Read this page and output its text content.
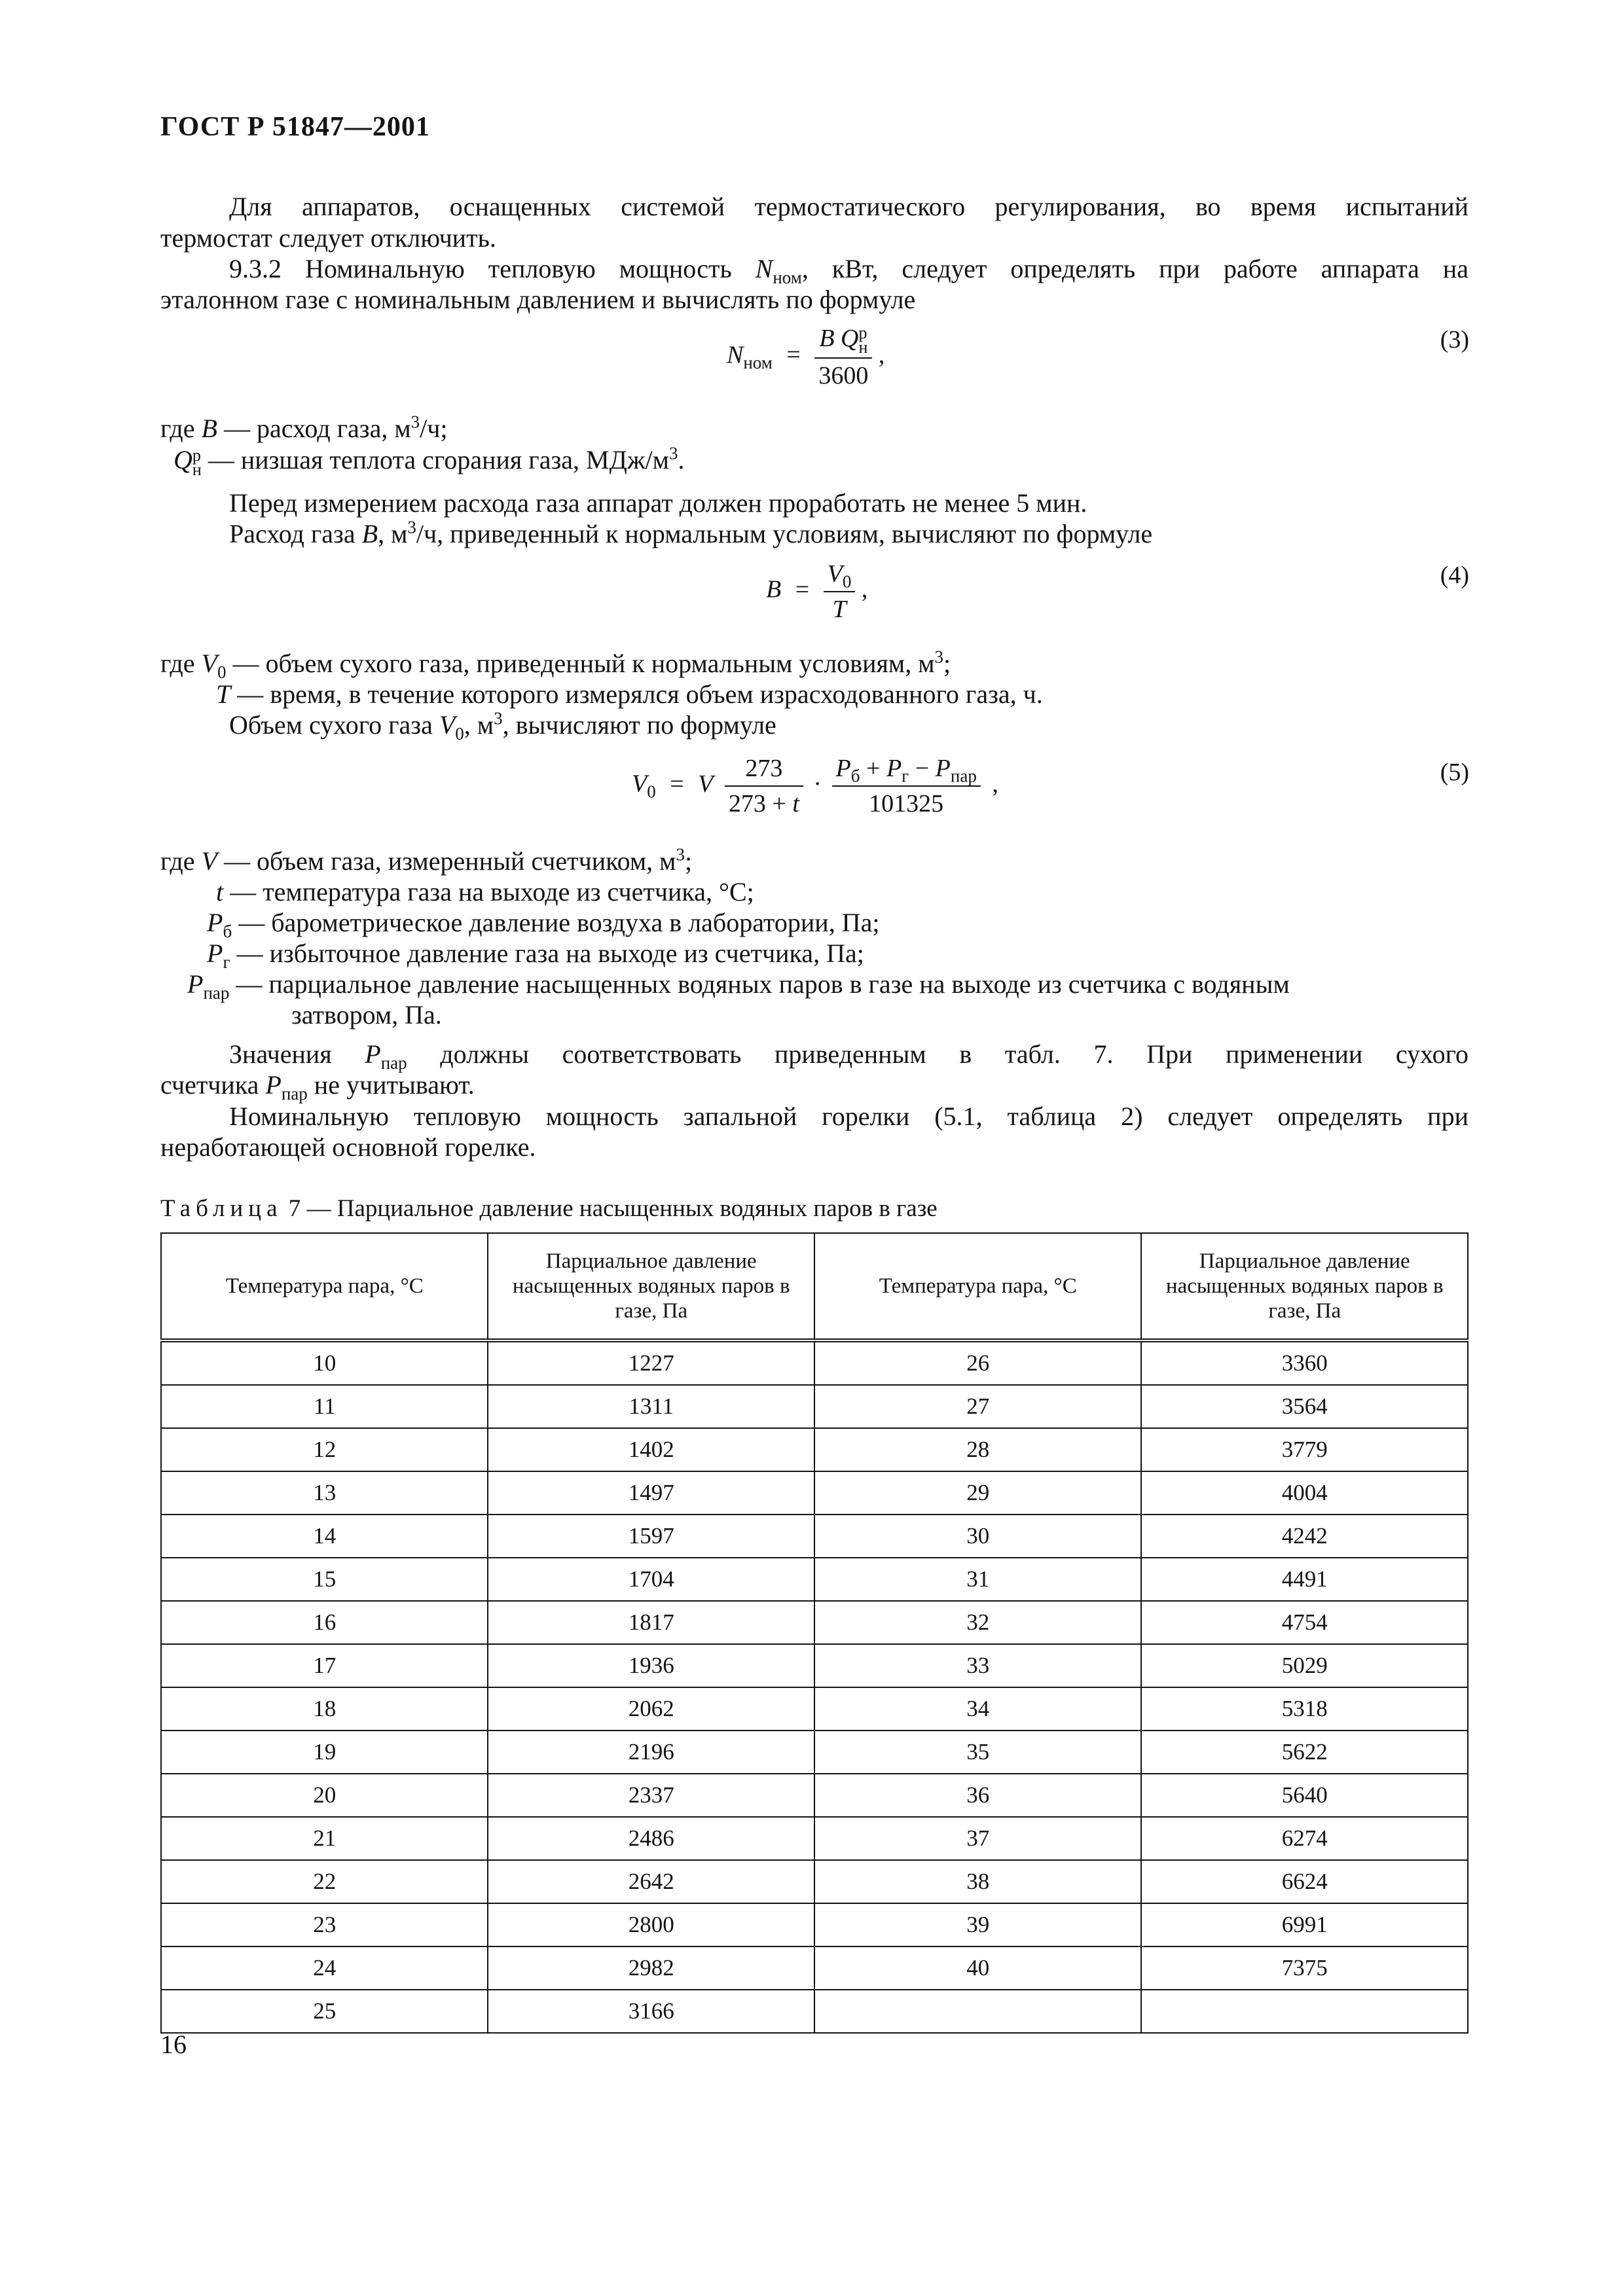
ГОСТ Р 51847—2001
Для аппаратов, оснащенных системой термостатического регулирования, во время испытаний
термостат следует отключить.
9.3.2 Номинальную тепловую мощность $N_{ном}$, кВт, следует определять при работе аппарата на
эталонном газе с номинальным давлением и вычислять по формуле
$N_{ном} = B$ Q р
н
3600 ,
(3)
где B — расход газа, $м^3/ч$;
Q р
н — низшая теплота сгорания газа, МДж/$м^3$.
Перед измерением расхода газа аппарат должен проработать не менее 5 мин.
Расход газа B, $м^3/ч$, приведенный к нормальным условиям, вычисляют по формуле
$B = \frac{V_0}{T}$ ,
(4)
где $V_0$ — объем сухого газа, приведенный к нормальным условиям, $м^3$;
T — время, в течение которого измерялся объем израсходованного газа, ч.
Объем сухого газа $V_0$, $м^3$, вычисляют по формуле
$V_0 = V \frac{273}{273 + t} \cdot \frac{P_б + P_г - P_{пар}}{101325}$ ,	(5)
где V — объем газа, измеренный счетчиком, $м^3$;
t — температура газа на выходе из счетчика, °С;
$P_б$ — барометрическое давление воздуха в лаборатории, Па;
$P_г$ — избыточное давление газа на выходе из счетчика, Па;
$P_{пар}$ — парциальное давление насыщенных водяных паров в газе на выходе из счетчика с водяным
затвором, Па.
Значения $P_{пар}$ должны соответствовать приведенным в табл. 7. При применении сухого
счетчика $P_{пар}$ не учитывают.
Номинальную тепловую мощность запальной горелки (5.1, таблица 2) следует определять при
неработающей основной горелке.
Таблица 7 — Парциальное давление насыщенных водяных паров в газе
Температура пара, °С	Парциальное давление насыщенных водяных паров в газе, Па	Температура пара, °С	Парциальное давление насыщенных водяных паров в газе, Па
10	1227	26	3360
11	1311	27	3564
12	1402	28	3779
13	1497	29	4004
14	1597	30	4242
15	1704	31	4491
16	1817	32	4754
17	1936	33	5029
18	2062	34	5318
19	2196	35	5622
20	2337	36	5640
21	2486	37	6274
22	2642	38	6624
23	2800	39	6991
24	2982	40	7375
25	3166		
16
